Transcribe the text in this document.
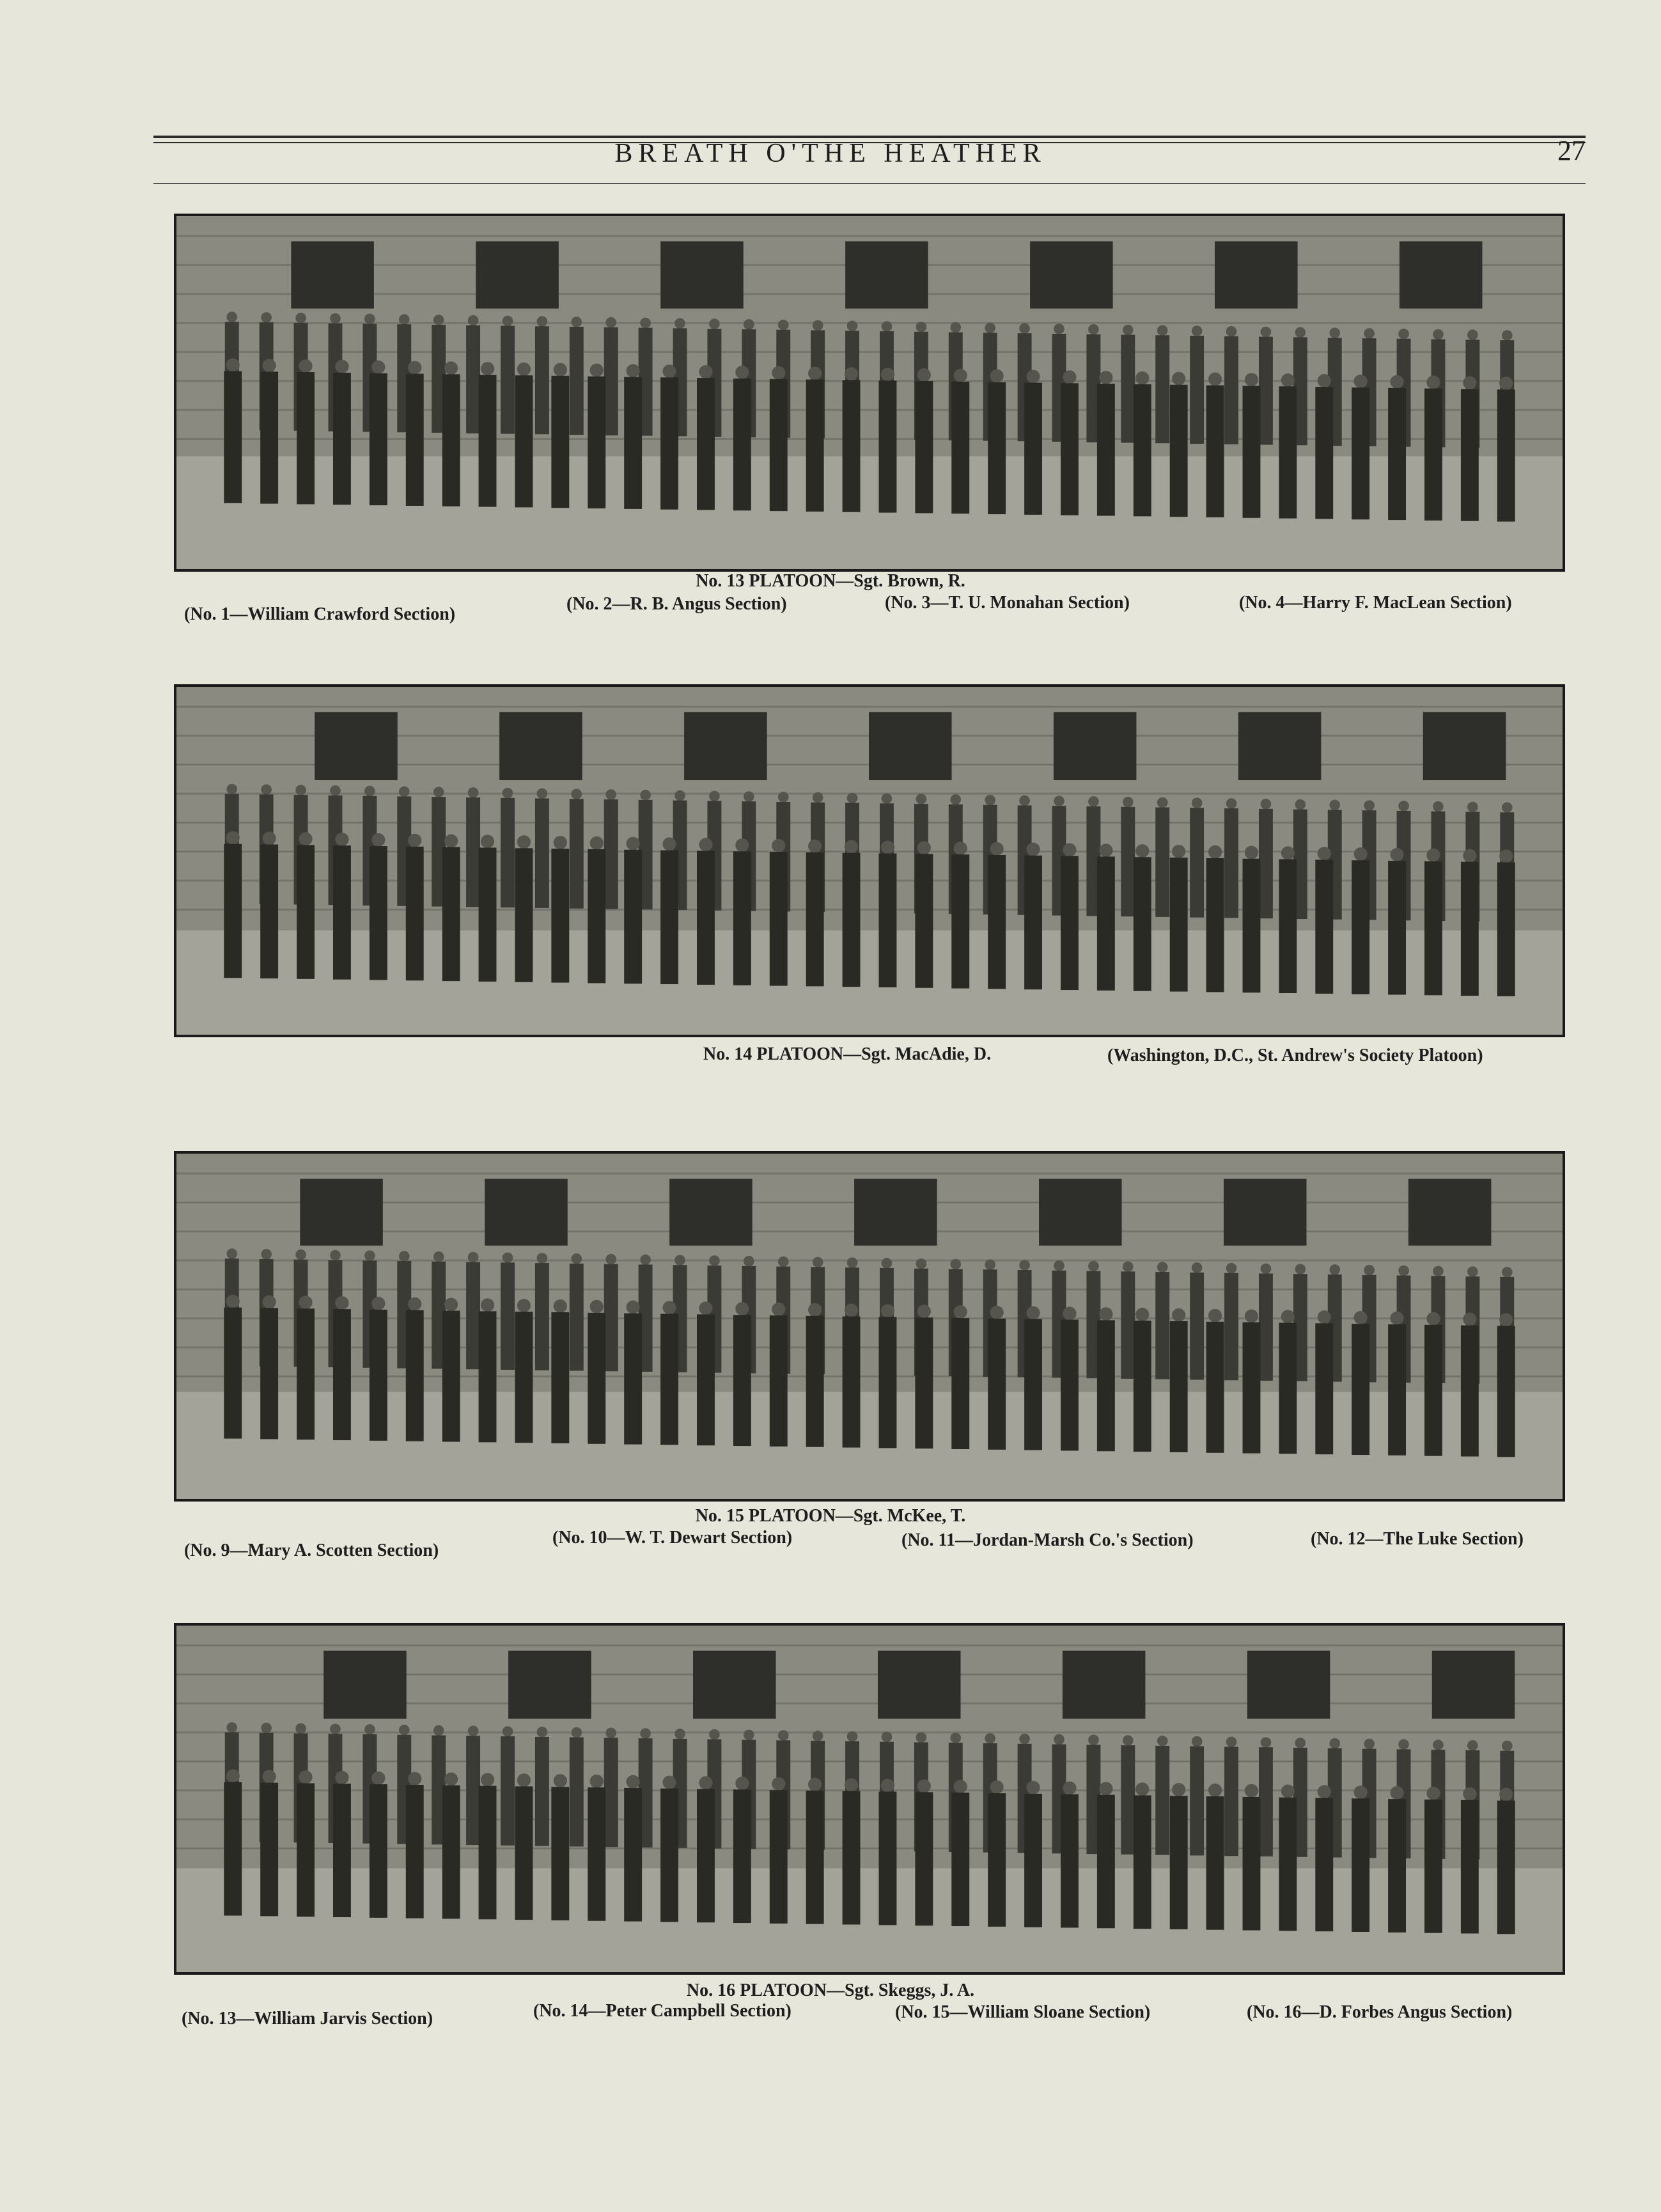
BREATH O'THE HEATHER	27
No. 13 PLATOON—Sgt. Brown, R.
(No. 1—William Crawford Section)
(No. 2—R. B. Angus Section)	(No. 3—T. U. Monahan Section)	(No. 4—Harry F. MacLean Section)
No. 14 PLATOON—Sgt. MacAdie, D.	(Washington, D.C., St. Andrew's Society Platoon)
No. 15 PLATOON—Sgt. McKee, T.
(No. 9—Mary A. Scotten Section)
(No. 10—W. T. Dewart Section)	(No. 11—Jordan-Marsh Co.'s Section)	(No. 12—The Luke Section)
No. 16 PLATOON—Sgt. Skeggs, J. A.
(No. 13—William Jarvis Section)	(No. 14—Peter Campbell Section)	(No. 15—William Sloane Section)	(No. 16—D. Forbes Angus Section)
